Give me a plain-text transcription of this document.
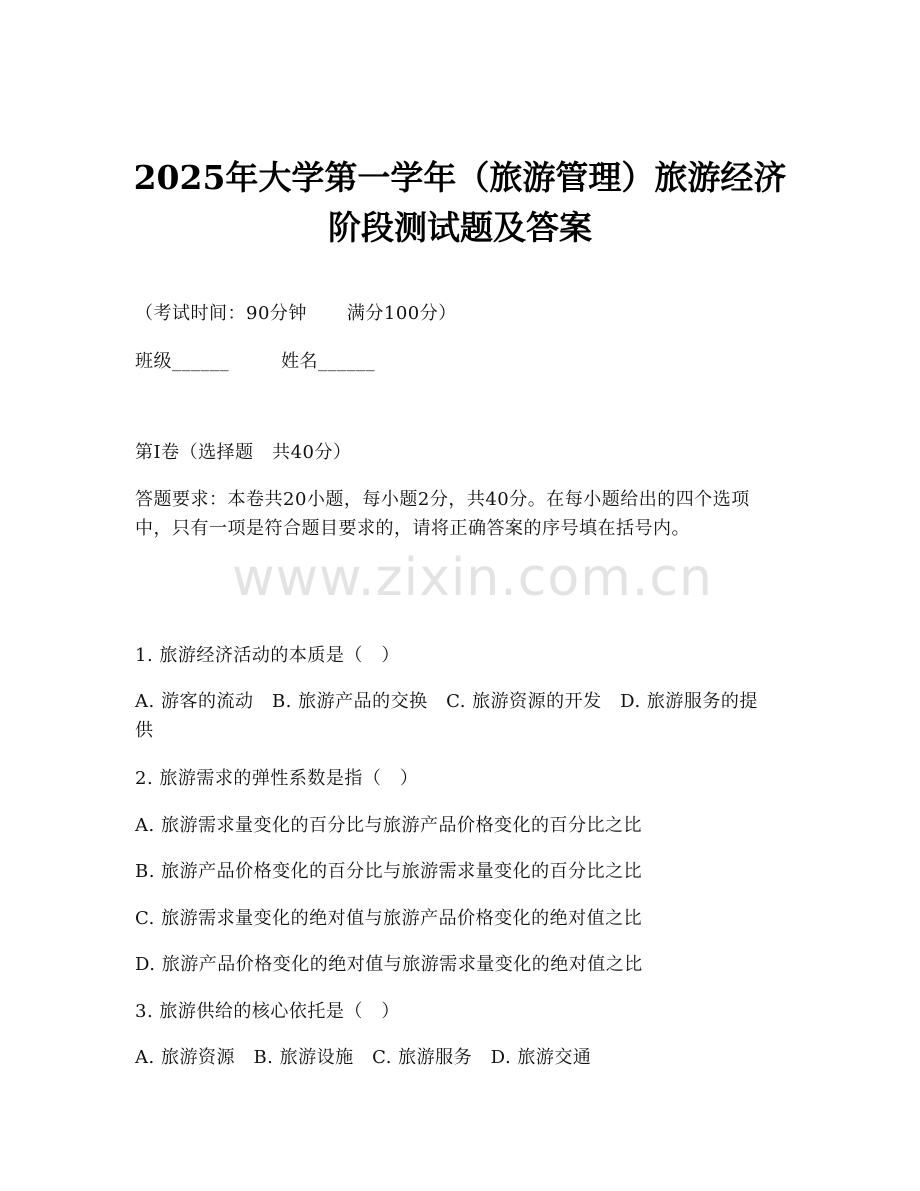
2025年大学第一学年（旅游管理）旅游经济
阶段测试题及答案
（考试时间：90分钟 满分100分）
班级______	姓名______
第I卷（选择题　共40分）
答题要求：本卷共20小题，每小题2分，共40分。在每小题给出的四个选项中，只有一项是符合题目要求的，请将正确答案的序号填在括号内。
www.zixin.com.cn
1. 旅游经济活动的本质是（　）
A. 游客的流动　B. 旅游产品的交换　C. 旅游资源的开发　D. 旅游服务的提供
2. 旅游需求的弹性系数是指（　）
A. 旅游需求量变化的百分比与旅游产品价格变化的百分比之比
B. 旅游产品价格变化的百分比与旅游需求量变化的百分比之比
C. 旅游需求量变化的绝对值与旅游产品价格变化的绝对值之比
D. 旅游产品价格变化的绝对值与旅游需求量变化的绝对值之比
3. 旅游供给的核心依托是（　）
A. 旅游资源　B. 旅游设施　C. 旅游服务　D. 旅游交通
